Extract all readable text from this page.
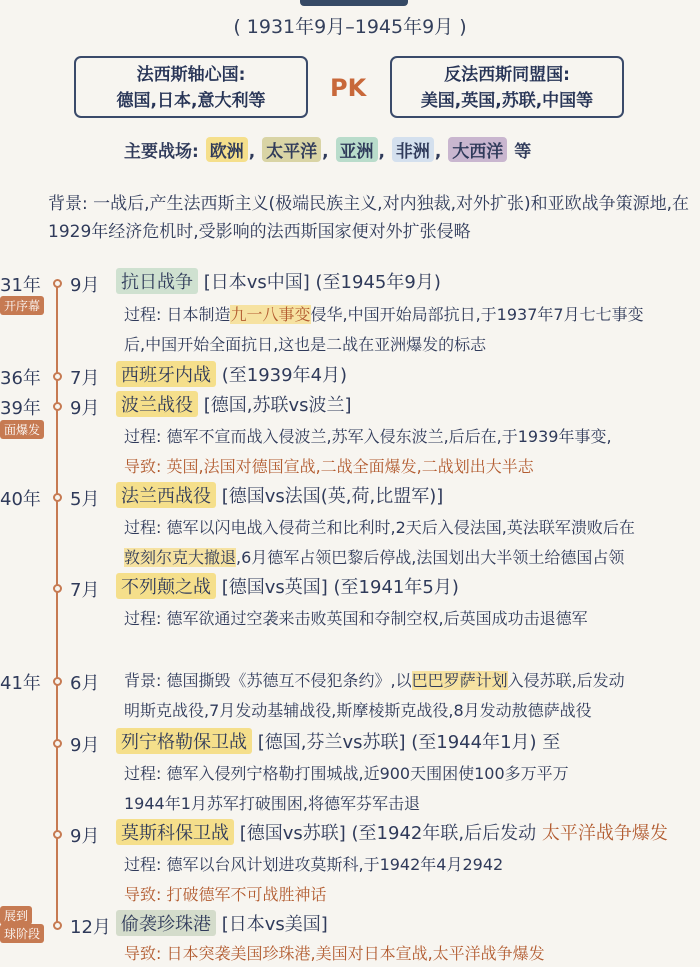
( 1931年9月–1945年9月 )
法西斯轴心国:
德国,日本,意大利等	PK	反法西斯同盟国:
美国,英国,苏联,中国等
主要战场: 欧洲 , 太平洋 , 亚洲 , 非洲 , 大西洋 等
背景: 一战后,产生法西斯主义(极端民族主义,对内独裁,对外扩张)和亚欧战争策源地,在1929年经济危机时,受影响的法西斯国家便对外扩张侵略
31年
开序幕
36年
39年
面爆发
40年
41年
展到
球阶段
9月 抗日战争 [日本vs中国] (至1945年9月)
过程: 日本制造九一八事变侵华,中国开始局部抗日,于1937年7月七七事变
后,中国开始全面抗日,这也是二战在亚洲爆发的标志
7月 西班牙内战 (至1939年4月)
9月 波兰战役 [德国,苏联vs波兰]
过程: 德军不宣而战入侵波兰,苏军入侵东波兰,后后在,于1939年事变,
导致: 英国,法国对德国宣战,二战全面爆发,二战划出大半志
5月 法兰西战役 [德国vs法国(英,荷,比盟军)]
过程: 德军以闪电战入侵荷兰和比利时,2天后入侵法国,英法联军溃败后在
敦刻尔克大撤退,6月德军占领巴黎后停战,法国划出大半领土给德国占领
7月 不列颠之战 [德国vs英国] (至1941年5月)
过程: 德军欲通过空袭来击败英国和夺制空权,后英国成功击退德军
6月 背景: 德国撕毁《苏德互不侵犯条约》,以巴巴罗萨计划入侵苏联,后发动
明斯克战役,7月发动基辅战役,斯摩棱斯克战役,8月发动敖德萨战役
9月 列宁格勒保卫战 [德国,芬兰vs苏联] (至1944年1月) 至
过程: 德军入侵列宁格勒打围城战,近900天围困使100多万平万
1944年1月苏军打破围困,将德军芬军击退
9月 莫斯科保卫战 [德国vs苏联] (至1942年联,后后发动 太平洋战争爆发
过程: 德军以台风计划进攻莫斯科,于1942年4月2942
导致: 打破德军不可战胜神话
12月 偷袭珍珠港 [日本vs美国]
导致: 日本突袭美国珍珠港,美国对日本宣战,太平洋战争爆发
